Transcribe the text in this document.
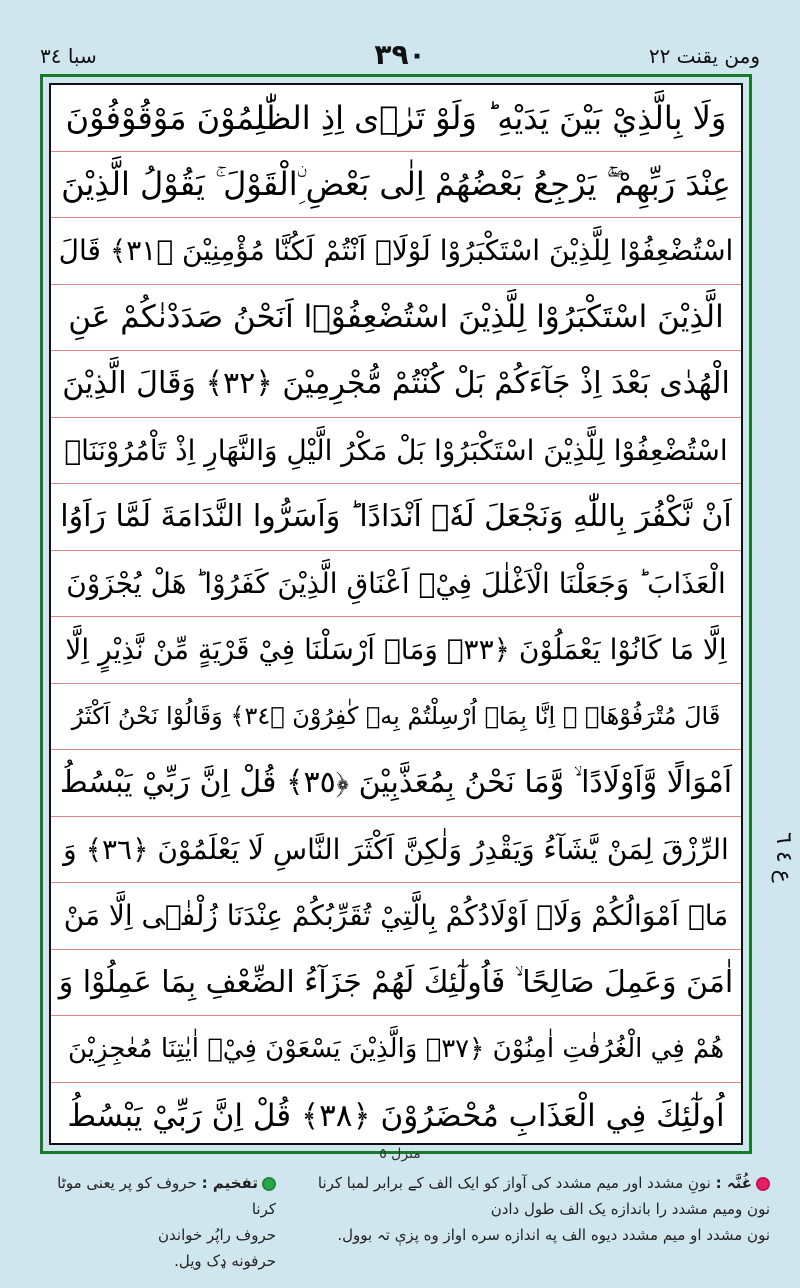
سبا ٣٤	٣٩٠	ومن يقنت ٢٢
وَلَا بِالَّذِيْ بَيْنَ يَدَيْهِ ؕ وَلَوْ تَرٰۤى اِذِ الظّٰلِمُوْنَ مَوْقُوْفُوْنَ
عِنْدَ رَبِّهِمْ ۖۚ يَرْجِعُ بَعْضُهُمْ اِلٰى بَعْضِ ِۨالْقَوْلَ ۚ يَقُوْلُ الَّذِيْنَ
اسْتُضْعِفُوْا لِلَّذِيْنَ اسْتَكْبَرُوْا لَوْلَاۤ اَنْتُمْ لَكُنَّا مُؤْمِنِيْنَ ﴿٣١﴾ قَالَ
الَّذِيْنَ اسْتَكْبَرُوْا لِلَّذِيْنَ اسْتُضْعِفُوْۤا اَنَحْنُ صَدَدْنٰكُمْ عَنِ
الْهُدٰى بَعْدَ اِذْ جَآءَكُمْ بَلْ كُنْتُمْ مُّجْرِمِيْنَ ﴿٣٢﴾ وَقَالَ الَّذِيْنَ
اسْتُضْعِفُوْا لِلَّذِيْنَ اسْتَكْبَرُوْا بَلْ مَكْرُ الَّيْلِ وَالنَّهَارِ اِذْ تَاْمُرُوْنَنَاۤ
اَنْ نَّكْفُرَ بِاللّٰهِ وَنَجْعَلَ لَهٗۤ اَنْدَادًا ؕ وَاَسَرُّوا النَّدَامَةَ لَمَّا رَاَوُا
الْعَذَابَ ؕ وَجَعَلْنَا الْاَغْلٰلَ فِيْۤ اَعْنَاقِ الَّذِيْنَ كَفَرُوْا ؕ هَلْ يُجْزَوْنَ
اِلَّا مَا كَانُوْا يَعْمَلُوْنَ ﴿٣٣﴾ وَمَاۤ اَرْسَلْنَا فِيْ قَرْيَةٍ مِّنْ نَّذِيْرٍ اِلَّا
قَالَ مُتْرَفُوْهَاۤ ۙ اِنَّا بِمَاۤ اُرْسِلْتُمْ بِهٖ كٰفِرُوْنَ ﴿٣٤﴾ وَقَالُوْا نَحْنُ اَكْثَرُ
اَمْوَالًا وَّاَوْلَادًا ۙ وَّمَا نَحْنُ بِمُعَذَّبِيْنَ ﴿٣٥﴾ قُلْ اِنَّ رَبِّيْ يَبْسُطُ
الرِّزْقَ لِمَنْ يَّشَآءُ وَيَقْدِرُ وَلٰكِنَّ اَكْثَرَ النَّاسِ لَا يَعْلَمُوْنَ ﴿٣٦﴾ وَ
مَاۤ اَمْوَالُكُمْ وَلَاۤ اَوْلَادُكُمْ بِالَّتِيْ تُقَرِّبُكُمْ عِنْدَنَا زُلْفٰۤى اِلَّا مَنْ
اٰمَنَ وَعَمِلَ صَالِحًا ۙ فَاُولٰٓئِكَ لَهُمْ جَزَآءُ الضِّعْفِ بِمَا عَمِلُوْا وَ
هُمْ فِي الْغُرُفٰتِ اٰمِنُوْنَ ﴿٣٧﴾ وَالَّذِيْنَ يَسْعَوْنَ فِيْۤ اٰيٰتِنَا مُعٰجِزِيْنَ
اُولٰٓئِكَ فِي الْعَذَابِ مُحْضَرُوْنَ ﴿٣٨﴾ قُلْ اِنَّ رَبِّيْ يَبْسُطُ
منزل ٥
ع ٤ ٦
غُنَّہ : نونِ مشدد اور میم مشدد کی آواز کو ایک الف کے برابر لمبا کرنا
نون وميم مشدد را باندازه یک الف طول دادن
نون مشدد او میم مشدد دیوه الف په اندازه سره اواز وه پزې تہ بوول.
تفخیم : حروف کو پر یعنی موٹا کرنا
حروف راپُر خواندن
حرفونه ډک ویل.
